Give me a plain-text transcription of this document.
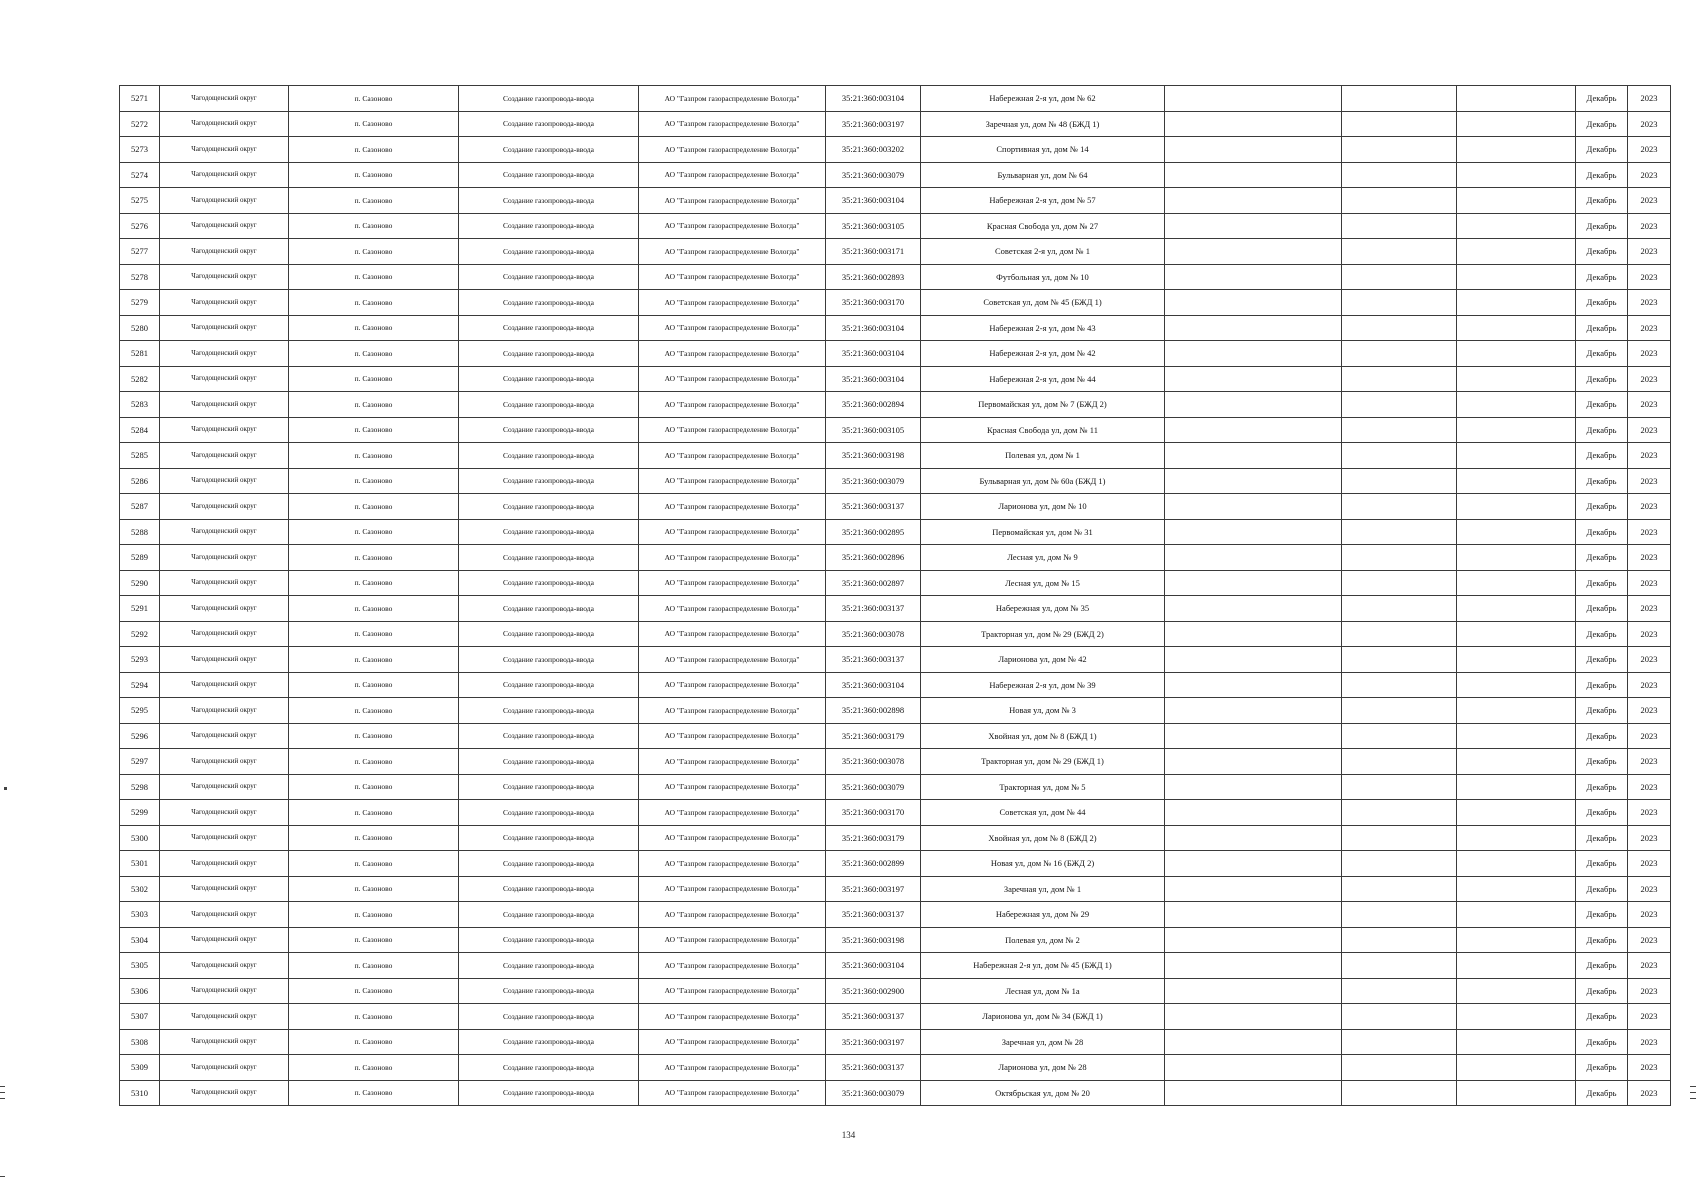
5271	Чагодощенский округ	п. Сазоново	Создание газопровода-ввода	АО "Газпром газораспределение Вологда"	35:21:360:003104	Набережная 2-я ул, дом № 62				Декабрь	2023
5272	Чагодощенский округ	п. Сазоново	Создание газопровода-ввода	АО "Газпром газораспределение Вологда"	35:21:360:003197	Заречная ул, дом № 48 (БЖД 1)				Декабрь	2023
5273	Чагодощенский округ	п. Сазоново	Создание газопровода-ввода	АО "Газпром газораспределение Вологда"	35:21:360:003202	Спортивная ул, дом № 14				Декабрь	2023
5274	Чагодощенский округ	п. Сазоново	Создание газопровода-ввода	АО "Газпром газораспределение Вологда"	35:21:360:003079	Бульварная ул, дом № 64				Декабрь	2023
5275	Чагодощенский округ	п. Сазоново	Создание газопровода-ввода	АО "Газпром газораспределение Вологда"	35:21:360:003104	Набережная 2-я ул, дом № 57				Декабрь	2023
5276	Чагодощенский округ	п. Сазоново	Создание газопровода-ввода	АО "Газпром газораспределение Вологда"	35:21:360:003105	Красная Свобода ул, дом № 27				Декабрь	2023
5277	Чагодощенский округ	п. Сазоново	Создание газопровода-ввода	АО "Газпром газораспределение Вологда"	35:21:360:003171	Советская 2-я ул, дом № 1				Декабрь	2023
5278	Чагодощенский округ	п. Сазоново	Создание газопровода-ввода	АО "Газпром газораспределение Вологда"	35:21:360:002893	Футбольная ул, дом № 10				Декабрь	2023
5279	Чагодощенский округ	п. Сазоново	Создание газопровода-ввода	АО "Газпром газораспределение Вологда"	35:21:360:003170	Советская ул, дом № 45 (БЖД 1)				Декабрь	2023
5280	Чагодощенский округ	п. Сазоново	Создание газопровода-ввода	АО "Газпром газораспределение Вологда"	35:21:360:003104	Набережная 2-я ул, дом № 43				Декабрь	2023
5281	Чагодощенский округ	п. Сазоново	Создание газопровода-ввода	АО "Газпром газораспределение Вологда"	35:21:360:003104	Набережная 2-я ул, дом № 42				Декабрь	2023
5282	Чагодощенский округ	п. Сазоново	Создание газопровода-ввода	АО "Газпром газораспределение Вологда"	35:21:360:003104	Набережная 2-я ул, дом № 44				Декабрь	2023
5283	Чагодощенский округ	п. Сазоново	Создание газопровода-ввода	АО "Газпром газораспределение Вологда"	35:21:360:002894	Первомайская ул, дом № 7 (БЖД 2)				Декабрь	2023
5284	Чагодощенский округ	п. Сазоново	Создание газопровода-ввода	АО "Газпром газораспределение Вологда"	35:21:360:003105	Красная Свобода ул, дом № 11				Декабрь	2023
5285	Чагодощенский округ	п. Сазоново	Создание газопровода-ввода	АО "Газпром газораспределение Вологда"	35:21:360:003198	Полевая ул, дом № 1				Декабрь	2023
5286	Чагодощенский округ	п. Сазоново	Создание газопровода-ввода	АО "Газпром газораспределение Вологда"	35:21:360:003079	Бульварная ул, дом № 60а (БЖД 1)				Декабрь	2023
5287	Чагодощенский округ	п. Сазоново	Создание газопровода-ввода	АО "Газпром газораспределение Вологда"	35:21:360:003137	Ларионова ул, дом № 10				Декабрь	2023
5288	Чагодощенский округ	п. Сазоново	Создание газопровода-ввода	АО "Газпром газораспределение Вологда"	35:21:360:002895	Первомайская ул, дом № 31				Декабрь	2023
5289	Чагодощенский округ	п. Сазоново	Создание газопровода-ввода	АО "Газпром газораспределение Вологда"	35:21:360:002896	Лесная ул, дом № 9				Декабрь	2023
5290	Чагодощенский округ	п. Сазоново	Создание газопровода-ввода	АО "Газпром газораспределение Вологда"	35:21:360:002897	Лесная ул, дом № 15				Декабрь	2023
5291	Чагодощенский округ	п. Сазоново	Создание газопровода-ввода	АО "Газпром газораспределение Вологда"	35:21:360:003137	Набережная ул, дом № 35				Декабрь	2023
5292	Чагодощенский округ	п. Сазоново	Создание газопровода-ввода	АО "Газпром газораспределение Вологда"	35:21:360:003078	Тракторная ул, дом № 29 (БЖД 2)				Декабрь	2023
5293	Чагодощенский округ	п. Сазоново	Создание газопровода-ввода	АО "Газпром газораспределение Вологда"	35:21:360:003137	Ларионова ул, дом № 42				Декабрь	2023
5294	Чагодощенский округ	п. Сазоново	Создание газопровода-ввода	АО "Газпром газораспределение Вологда"	35:21:360:003104	Набережная 2-я ул, дом № 39				Декабрь	2023
5295	Чагодощенский округ	п. Сазоново	Создание газопровода-ввода	АО "Газпром газораспределение Вологда"	35:21:360:002898	Новая ул, дом № 3				Декабрь	2023
5296	Чагодощенский округ	п. Сазоново	Создание газопровода-ввода	АО "Газпром газораспределение Вологда"	35:21:360:003179	Хвойная ул, дом № 8 (БЖД 1)				Декабрь	2023
5297	Чагодощенский округ	п. Сазоново	Создание газопровода-ввода	АО "Газпром газораспределение Вологда"	35:21:360:003078	Тракторная ул, дом № 29 (БЖД 1)				Декабрь	2023
5298	Чагодощенский округ	п. Сазоново	Создание газопровода-ввода	АО "Газпром газораспределение Вологда"	35:21:360:003079	Тракторная ул, дом № 5				Декабрь	2023
5299	Чагодощенский округ	п. Сазоново	Создание газопровода-ввода	АО "Газпром газораспределение Вологда"	35:21:360:003170	Советская ул, дом № 44				Декабрь	2023
5300	Чагодощенский округ	п. Сазоново	Создание газопровода-ввода	АО "Газпром газораспределение Вологда"	35:21:360:003179	Хвойная ул, дом № 8 (БЖД 2)				Декабрь	2023
5301	Чагодощенский округ	п. Сазоново	Создание газопровода-ввода	АО "Газпром газораспределение Вологда"	35:21:360:002899	Новая ул, дом № 16 (БЖД 2)				Декабрь	2023
5302	Чагодощенский округ	п. Сазоново	Создание газопровода-ввода	АО "Газпром газораспределение Вологда"	35:21:360:003197	Заречная ул, дом № 1				Декабрь	2023
5303	Чагодощенский округ	п. Сазоново	Создание газопровода-ввода	АО "Газпром газораспределение Вологда"	35:21:360:003137	Набережная ул, дом № 29				Декабрь	2023
5304	Чагодощенский округ	п. Сазоново	Создание газопровода-ввода	АО "Газпром газораспределение Вологда"	35:21:360:003198	Полевая ул, дом № 2				Декабрь	2023
5305	Чагодощенский округ	п. Сазоново	Создание газопровода-ввода	АО "Газпром газораспределение Вологда"	35:21:360:003104	Набережная 2-я ул, дом № 45 (БЖД 1)				Декабрь	2023
5306	Чагодощенский округ	п. Сазоново	Создание газопровода-ввода	АО "Газпром газораспределение Вологда"	35:21:360:002900	Лесная ул, дом № 1а				Декабрь	2023
5307	Чагодощенский округ	п. Сазоново	Создание газопровода-ввода	АО "Газпром газораспределение Вологда"	35:21:360:003137	Ларионова ул, дом № 34 (БЖД 1)				Декабрь	2023
5308	Чагодощенский округ	п. Сазоново	Создание газопровода-ввода	АО "Газпром газораспределение Вологда"	35:21:360:003197	Заречная ул, дом № 28				Декабрь	2023
5309	Чагодощенский округ	п. Сазоново	Создание газопровода-ввода	АО "Газпром газораспределение Вологда"	35:21:360:003137	Ларионова ул, дом № 28				Декабрь	2023
5310	Чагодощенский округ	п. Сазоново	Создание газопровода-ввода	АО "Газпром газораспределение Вологда"	35:21:360:003079	Октябрьская ул, дом № 20				Декабрь	2023
134
